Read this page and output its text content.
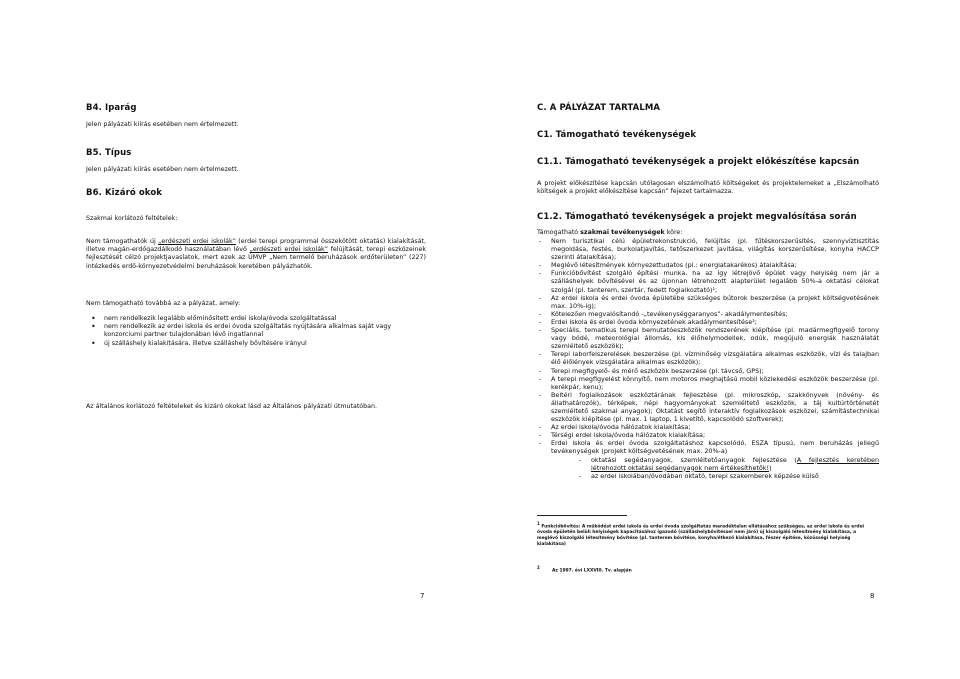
B4. Iparág

Jelen pályázati kiírás esetében nem értelmezett.

B5. Típus

Jelen pályázati kiírás esetében nem értelmezett.

B6. Kizáró okok

Szakmai korlátozó feltételek:

Nem támogathatók új „erdészeti erdei iskolák” (erdei terepi programmal összekötött oktatás) kialakítását, illetve magán-erdőgazdálkodó használatában lévő „erdészeti erdei iskolák” felújítását, terepi eszközeinek fejlesztését célzó projektjavaslatok, mert ezek az ÚMVP „Nem termelő beruházások erdőterületen” (227) intézkedés erdő-környezetvédelmi beruházások keretében pályázhatók.

Nem támogatható továbbá az a pályázat, amely:

• nem rendelkezik legalább előminősített erdei iskola/óvoda szolgáltatással
• nem rendelkezik az erdei iskola és erdei óvoda szolgáltatás nyújtására alkalmas saját vagy konzorciumi partner tulajdonában lévő ingatlannal
• új szálláshely kialakítására, illetve szálláshely bővítésére irányul

Az általános korlátozó feltételeket és kizáró okokat lásd az Általános pályázati útmutatóban.

7

C. A PÁLYÁZAT TARTALMA
C1. Támogatható tevékenységek
C1.1. Támogatható tevékenységek a projekt előkészítése kapcsán

A projekt előkészítése kapcsán utólagosan elszámolható költségeket és projektelemeket a „Elszámolható költségek a projekt előkészítése kapcsán” fejezet tartalmazza.

C1.2. Támogatható tevékenységek a projekt megvalósítása során

Támogatható szakmai tevékenységek köre:

- Nem turisztikai célú épületrekonstrukció, felújítás (pl. fűtéskorszerűsítés, szennyvíztisztítás megoldása, festés, burkolatjavítás, tetőszerkezet javítása, világítás korszerűsítése, konyha HACCP szerinti átalakítása);
- Meglévő létesítmények környezettudatos (pl.: energiatakarékos) átalakítása;
- Funkcióbővítést szolgáló építési munka, ha az így létrejövő épület vagy helyiség nem jár a szálláshelyek bővítésével és az újonnan létrehozott alapterület legalább 50%-a oktatási célokat szolgál (pl. tanterem, szertár, fedett foglalkoztató)¹;
- Az erdei iskola és erdei óvoda épületébe szükséges bútorok beszerzése (a projekt költségvetésének max. 10%-ig);
- Kötelezően megvalósítandó -„tevékenységgaranyos”- akadálymentesítés;
- Erdei iskola és erdei óvoda környezetének akadálymentesítése²;
- Speciális, tematikus terepi bemutatóeszközök rendszerének kiépítése (pl. madármegfigyelő torony vagy bódé, meteorológiai állomás, kis élőhelymodellek, odúk, megújuló energiák használatát szemléltető eszközök);
- Terepi laborfelszerelések beszerzése (pl. vízminőség vizsgálatára alkalmas eszközök, vízi és talajban élő élőlények vizsgálatára alkalmas eszközök);
- Terepi megfigyelő- és mérő eszközök beszerzése (pl. távcső, GPS);
- A terepi megfigyelést könnyítő, nem motoros meghajtású mobil közlekedési eszközök beszerzése (pl. kerékpár, kenu);
- Beltéri foglalkozások eszköztárának fejlesztése (pl. mikroszkóp, szakkönyvek (növény- és állathatározók), térképek, népi hagyományokat szemléltető eszközök, a táj kultúrtörténetét szemléltető szakmai anyagok); Oktatást segítő interaktív foglalkozások eszközei, számítástechnikai eszközök kiépítése (pl. max. 1 laptop, 1 kivetítő, kapcsolódó szoftverek);
- Az erdei iskola/óvoda hálózatok kialakítása;
- Térségi erdei iskola/óvoda hálózatok kialakítása;
- Erdei iskola és erdei óvoda szolgáltatáshoz kapcsolódó, ESZA típusú, nem beruházás jellegű tevékenységek (projekt költségvetésének max. 20%-a)
- oktatási segédanyagok, szemléltetőanyagok fejlesztése (A fejlesztés keretében létrehozott oktatási segédanyagok nem értékesíthetők!)
- az erdei iskolában/óvodában oktató, terepi szakemberek képzése külső

$^1$ Funkcióbővítés: A működést erdei iskola és erdei óvoda szolgáltatás maradéktalan ellátásához szükséges, az erdei iskola és erdei óvoda épületén belüli helyiségek kapacitásához igazodó (szálláshelybővítéssel nem járó) új kiszolgáló létesítmény kialakítása, a meglévő kiszolgáló létesítmény bővítése (pl. tanterem bővítése, konyha/étkező kialakítása, fészer építése, közösségi helyiség kialakítása)

$^2$        Az 1997. évi LXXVIII. Tv. alapján

8
